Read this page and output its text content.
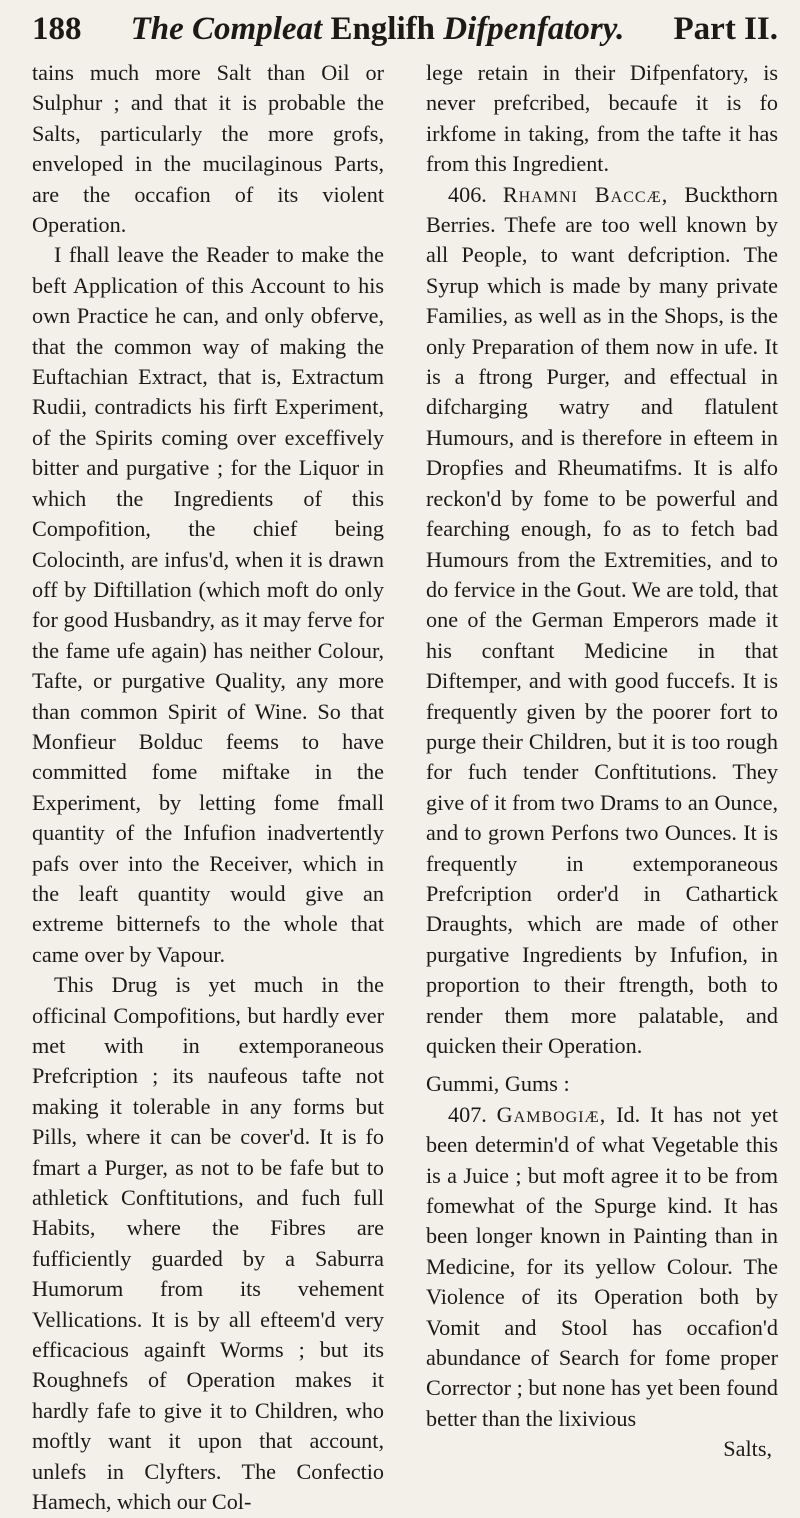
188 The Compleat Englifh Difpenfatory. Part II.

tains much more Salt than Oil or Sulphur ; and that it is probable the Salts, particularly the more grofs, enveloped in the mucilaginous Parts, are the occafion of its violent Operation.

I fhall leave the Reader to make the beft Application of this Account to his own Practice he can, and only obferve, that the common way of making the Euftachian Extract, that is, Extractum Rudii, contradicts his firft Experiment, of the Spirits coming over exceffively bitter and purgative ; for the Liquor in which the Ingredients of this Compofition, the chief being Colocinth, are infus'd, when it is drawn off by Diftillation (which moft do only for good Husbandry, as it may ferve for the fame ufe again) has neither Colour, Tafte, or purgative Quality, any more than common Spirit of Wine. So that Monfieur Bolduc feems to have committed fome miftake in the Experiment, by letting fome fmall quantity of the Infufion inadvertently pafs over into the Receiver, which in the leaft quantity would give an extreme bitternefs to the whole that came over by Vapour.

This Drug is yet much in the officinal Compofitions, but hardly ever met with in extemporaneous Prefcription ; its naufeous tafte not making it tolerable in any forms but Pills, where it can be cover'd. It is fo fmart a Purger, as not to be fafe but to athletick Conftitutions, and fuch full Habits, where the Fibres are fufficiently guarded by a Saburra Humorum from its vehement Vellications. It is by all efteem'd very efficacious againft Worms ; but its Roughnefs of Operation makes it hardly fafe to give it to Children, who moftly want it upon that account, unlefs in Clyfters. The Confectio Hamech, which our Col-

lege retain in their Difpenfatory, is never prefcribed, becaufe it is fo irkfome in taking, from the tafte it has from this Ingredient.

406. Rhamni Baccæ, Buckthorn Berries. Thefe are too well known by all People, to want defcription. The Syrup which is made by many private Families, as well as in the Shops, is the only Preparation of them now in ufe. It is a ftrong Purger, and effectual in difcharging watry and flatulent Humours, and is therefore in efteem in Dropfies and Rheumatifms. It is alfo reckon'd by fome to be powerful and fearching enough, fo as to fetch bad Humours from the Extremities, and to do fervice in the Gout. We are told, that one of the German Emperors made it his conftant Medicine in that Diftemper, and with good fuccefs. It is frequently given by the poorer fort to purge their Children, but it is too rough for fuch tender Conftitutions. They give of it from two Drams to an Ounce, and to grown Perfons two Ounces. It is frequently in extemporaneous Prefcription order'd in Cathartick Draughts, which are made of other purgative Ingredients by Infufion, in proportion to their ftrength, both to render them more palatable, and quicken their Operation.

Gummi, Gums :

407. Gambogiæ, Id. It has not yet been determin'd of what Vegetable this is a Juice ; but moft agree it to be from fomewhat of the Spurge kind. It has been longer known in Painting than in Medicine, for its yellow Colour. The Violence of its Operation both by Vomit and Stool has occafion'd abundance of Search for fome proper Corrector ; but none has yet been found better than the lixivious

Salts,
